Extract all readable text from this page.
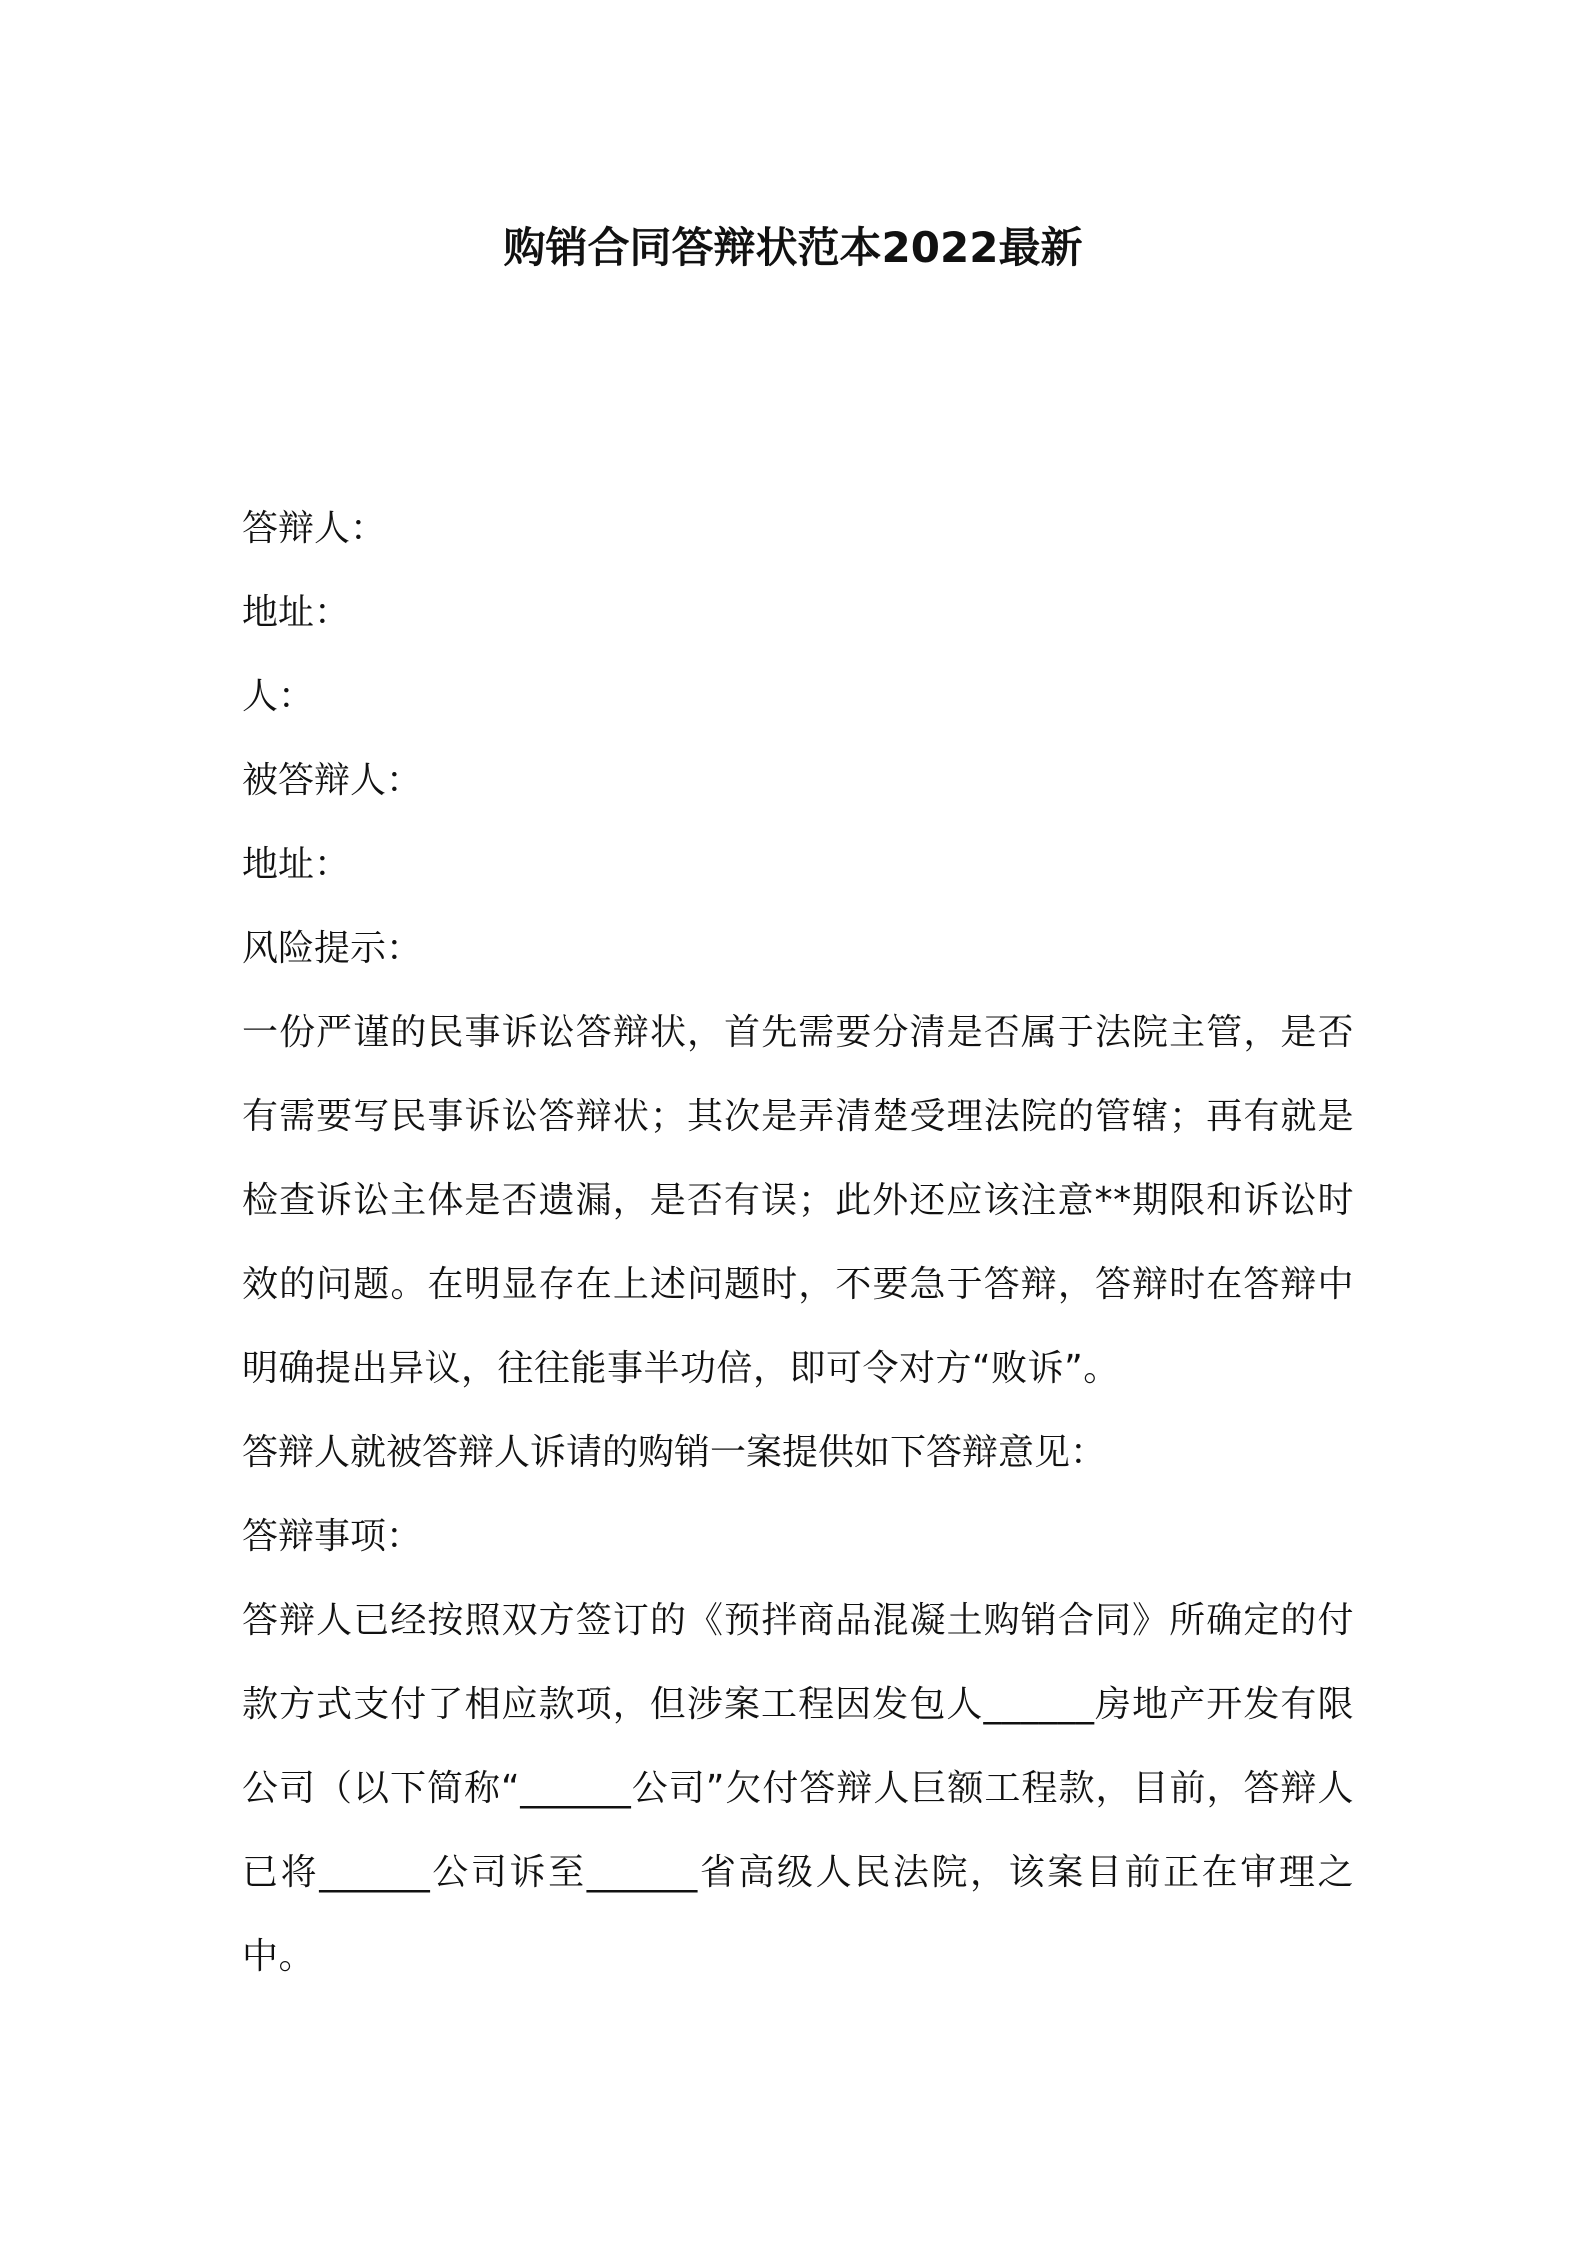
购销合同答辩状范本2022最新
答辩人：
地址：
人：
被答辩人：
地址：
风险提示：
一份严谨的民事诉讼答辩状，首先需要分清是否属于法院主管，是否有需要写民事诉讼答辩状；其次是弄清楚受理法院的管辖；再有就是检查诉讼主体是否遗漏，是否有误；此外还应该注意**期限和诉讼时效的问题。在明显存在上述问题时，不要急于答辩，答辩时在答辩中明确提出异议，往往能事半功倍，即可令对方“败诉”。
答辩人就被答辩人诉请的购销一案提供如下答辩意见：
答辩事项：
答辩人已经按照双方签订的《预拌商品混凝土购销合同》所确定的付款方式支付了相应款项，但涉案工程因发包人______房地产开发有限公司（以下简称“______公司”欠付答辩人巨额工程款，目前，答辩人已将______公司诉至______省高级人民法院，该案目前正在审理之中。
